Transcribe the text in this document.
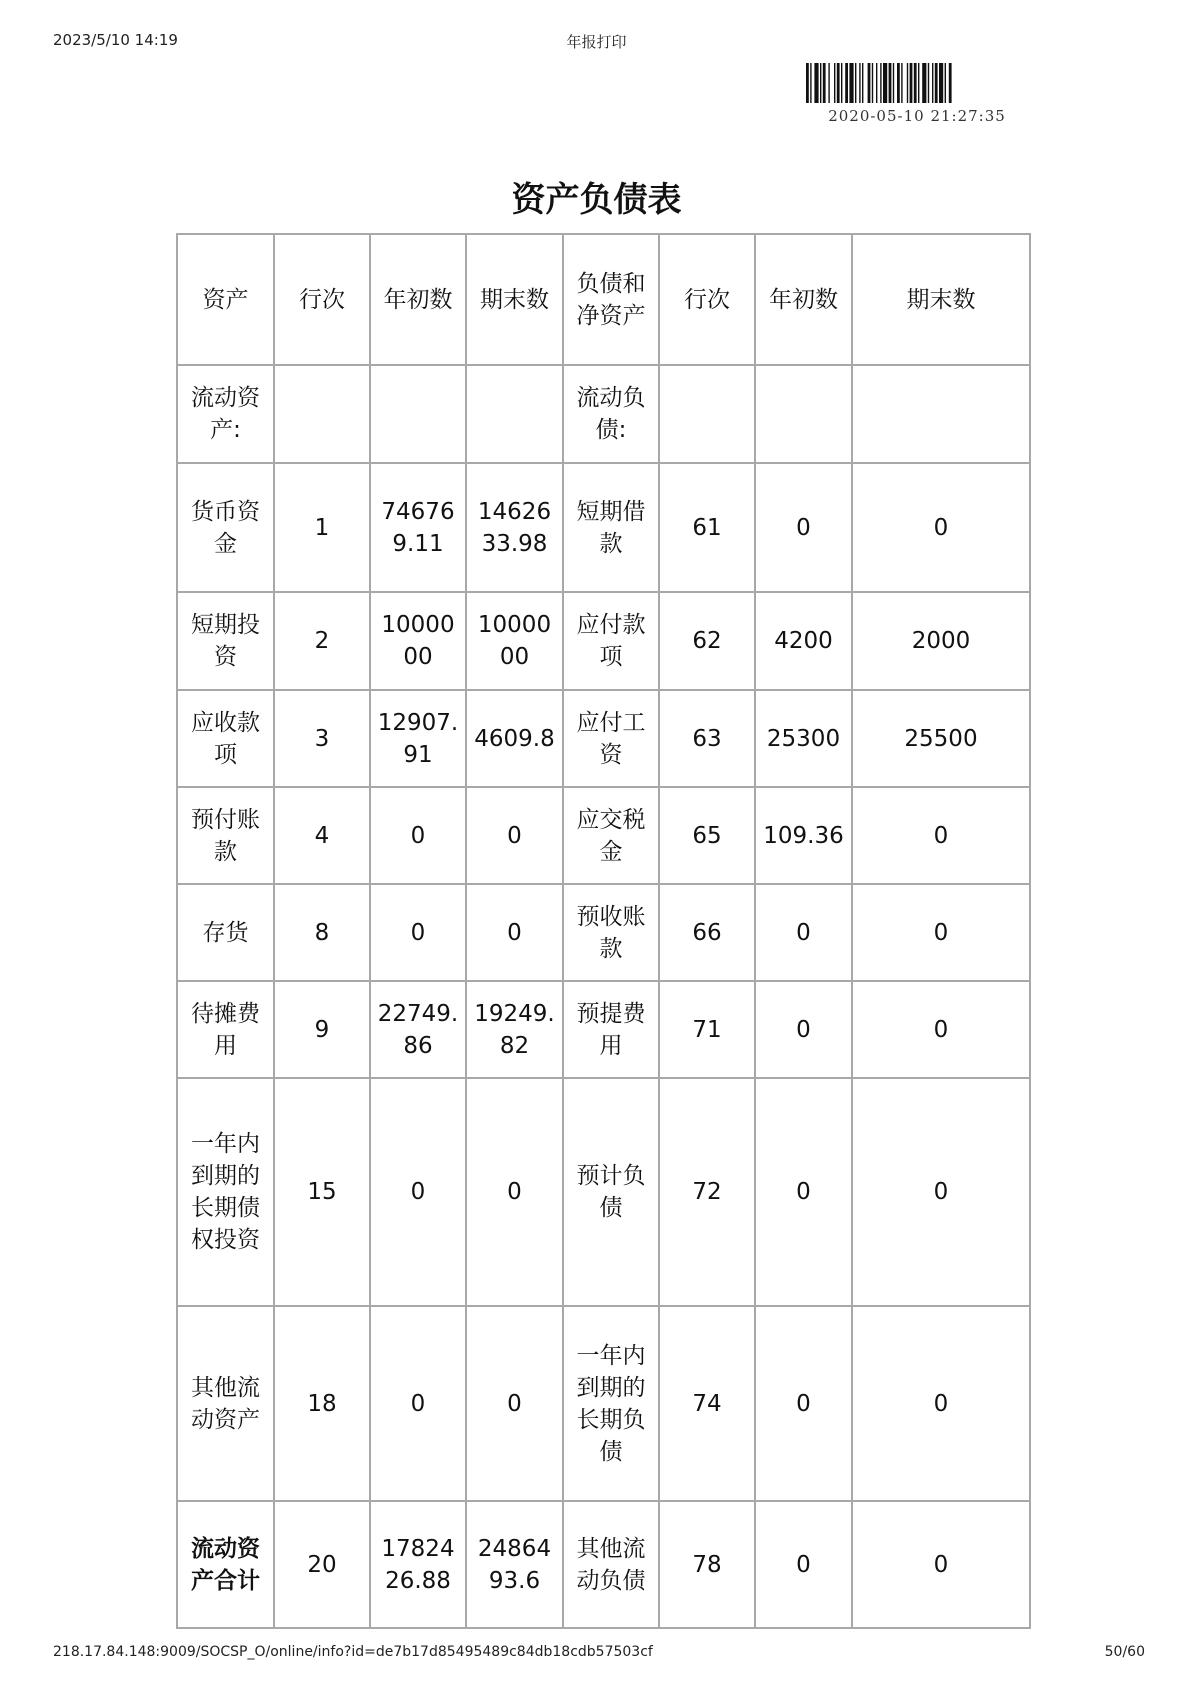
2023/5/10 14:19	年报打印
2020-05-10 21:27:35
资产负债表
资产	行次	年初数	期末数	负债和净资产	行次	年初数	期末数
流动资产:				流动负债:			
货币资金	1	746769.11	1462633.98	短期借款	61	0	0
短期投资	2	1000000	1000000	应付款项	62	4200	2000
应收款项	3	12907.91	4609.8	应付工资	63	25300	25500
预付账款	4	0	0	应交税金	65	109.36	0
存货	8	0	0	预收账款	66	0	0
待摊费用	9	22749.86	19249.82	预提费用	71	0	0
一年内到期的长期债权投资	15	0	0	预计负债	72	0	0
其他流动资产	18	0	0	一年内到期的长期负债	74	0	0
流动资产合计	20	1782426.88	2486493.6	其他流动负债	78	0	0
218.17.84.148:9009/SOCSP_O/online/info?id=de7b17d85495489c84db18cdb57503cf	50/60
